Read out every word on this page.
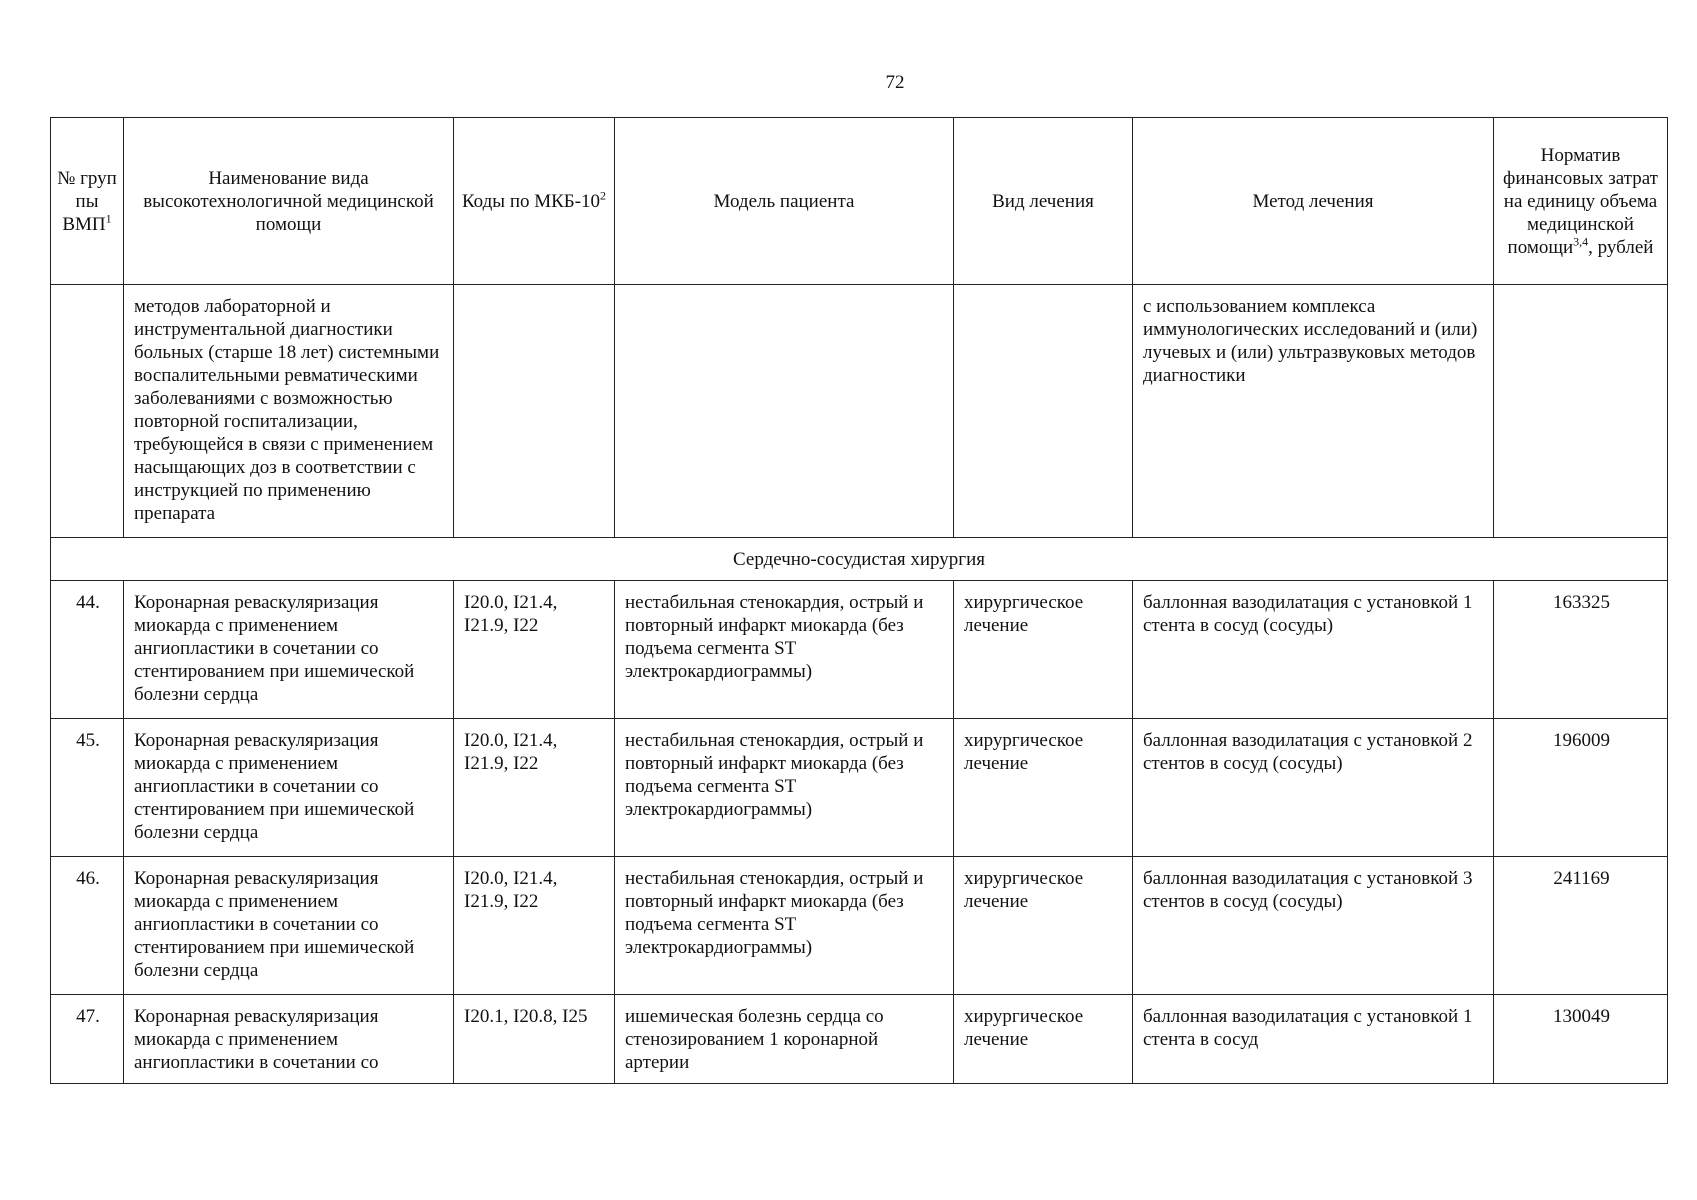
72
№ груп пы ВМП$^1$	Наименование вида высокотехнологичной медицинской помощи	Коды по МКБ-$10^2$	Модель пациента	Вид лечения	Метод лечения	Норматив финансовых затрат на единицу объема медицинской помощи$^{3,4}$, рублей
	методов лабораторной и инструментальной диагностики больных (старше 18 лет) системными воспалительными ревматическими заболеваниями с возможностью повторной госпитализации, требующейся в связи с применением насыщающих доз в соответствии с инструкцией по применению препарата				с использованием комплекса иммунологических исследований и (или) лучевых и (или) ультразвуковых методов диагностики	
Сердечно-сосудистая хирургия						
44.	Коронарная реваскуляризация миокарда с применением ангиопластики в сочетании со стентированием при ишемической болезни сердца	I20.0, I21.4, I21.9, I22	нестабильная стенокардия, острый и повторный инфаркт миокарда (без подъема сегмента ST электрокардиограммы)	хирургическое лечение	баллонная вазодилатация с установкой 1 стента в сосуд (сосуды)	163325
45.	Коронарная реваскуляризация миокарда с применением ангиопластики в сочетании со стентированием при ишемической болезни сердца	I20.0, I21.4, I21.9, I22	нестабильная стенокардия, острый и повторный инфаркт миокарда (без подъема сегмента ST электрокардиограммы)	хирургическое лечение	баллонная вазодилатация с установкой 2 стентов в сосуд (сосуды)	196009
46.	Коронарная реваскуляризация миокарда с применением ангиопластики в сочетании со стентированием при ишемической болезни сердца	I20.0, I21.4, I21.9, I22	нестабильная стенокардия, острый и повторный инфаркт миокарда (без подъема сегмента ST электрокардиограммы)	хирургическое лечение	баллонная вазодилатация с установкой 3 стентов в сосуд (сосуды)	241169
47.	Коронарная реваскуляризация миокарда с применением ангиопластики в сочетании со	I20.1, I20.8, I25	ишемическая болезнь сердца со стенозированием 1 коронарной артерии	хирургическое лечение	баллонная вазодилатация с установкой 1 стента в сосуд	130049
